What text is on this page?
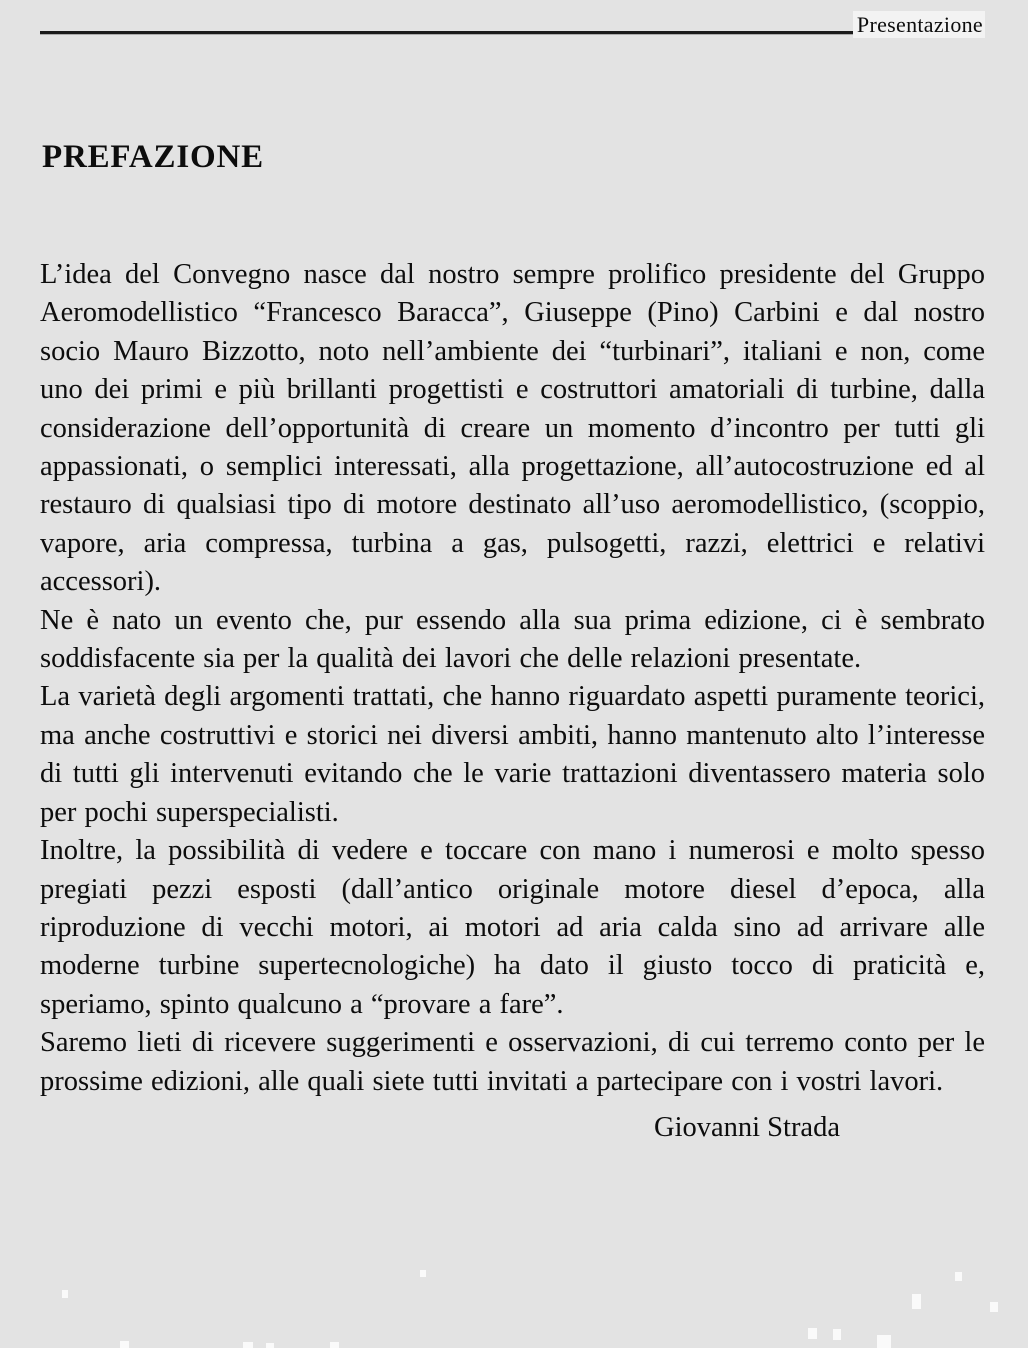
Presentazione
PREFAZIONE

L’idea del Convegno nasce dal nostro sempre prolifico presidente del Gruppo Aeromodellistico “Francesco Baracca”, Giuseppe (Pino) Carbini e dal nostro socio Mauro Bizzotto, noto nell’ambiente dei “turbinari”, italiani e non, come uno dei primi e più brillanti progettisti e costruttori amatoriali di turbine, dalla considerazione dell’opportunità di creare un momento d’incontro per tutti gli appassionati, o semplici interessati, alla progettazione, all’autocostruzione ed al restauro di qualsiasi tipo di motore destinato all’uso aeromodellistico, (scoppio, vapore, aria compressa, turbina a gas, pulsogetti, razzi, elettrici e relativi accessori).

Ne è nato un evento che, pur essendo alla sua prima edizione, ci è sembrato soddisfacente sia per la qualità dei lavori che delle relazioni presentate.

La varietà degli argomenti trattati, che hanno riguardato aspetti puramente teorici, ma anche costruttivi e storici nei diversi ambiti, hanno mantenuto alto l’interesse di tutti gli intervenuti evitando che le varie trattazioni diventassero materia solo per pochi superspecialisti.

Inoltre, la possibilità di vedere e toccare con mano i numerosi e molto spesso pregiati pezzi esposti (dall’antico originale motore diesel d’epoca, alla riproduzione di vecchi motori, ai motori ad aria calda sino ad arrivare alle moderne turbine supertecnologiche) ha dato il giusto tocco di praticità e, speriamo, spinto qualcuno a “provare a fare”.

Saremo lieti di ricevere suggerimenti e osservazioni, di cui terremo conto per le prossime edizioni, alle quali siete tutti invitati a partecipare con i vostri lavori.

Giovanni Strada
